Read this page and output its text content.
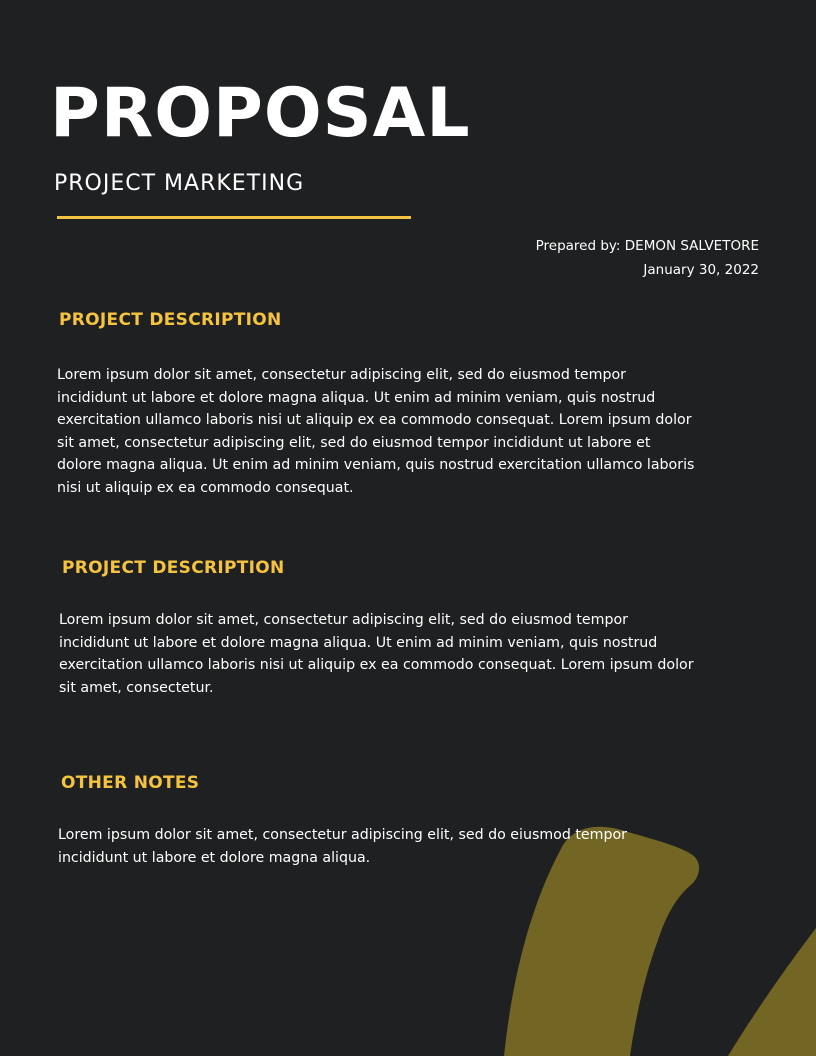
PROPOSAL
PROJECT MARKETING
Prepared by: DEMON SALVETORE
January 30, 2022
PROJECT DESCRIPTION

Lorem ipsum dolor sit amet, consectetur adipiscing elit, sed do eiusmod tempor incididunt ut labore et dolore magna aliqua. Ut enim ad minim veniam, quis nostrud exercitation ullamco laboris nisi ut aliquip ex ea commodo consequat. Lorem ipsum dolor sit amet, consectetur adipiscing elit, sed do eiusmod tempor incididunt ut labore et dolore magna aliqua. Ut enim ad minim veniam, quis nostrud exercitation ullamco laboris nisi ut aliquip ex ea commodo consequat.

PROJECT DESCRIPTION

Lorem ipsum dolor sit amet, consectetur adipiscing elit, sed do eiusmod tempor incididunt ut labore et dolore magna aliqua. Ut enim ad minim veniam, quis nostrud exercitation ullamco laboris nisi ut aliquip ex ea commodo consequat. Lorem ipsum dolor sit amet, consectetur.

OTHER NOTES

Lorem ipsum dolor sit amet, consectetur adipiscing elit, sed do eiusmod tempor incididunt ut labore et dolore magna aliqua.
